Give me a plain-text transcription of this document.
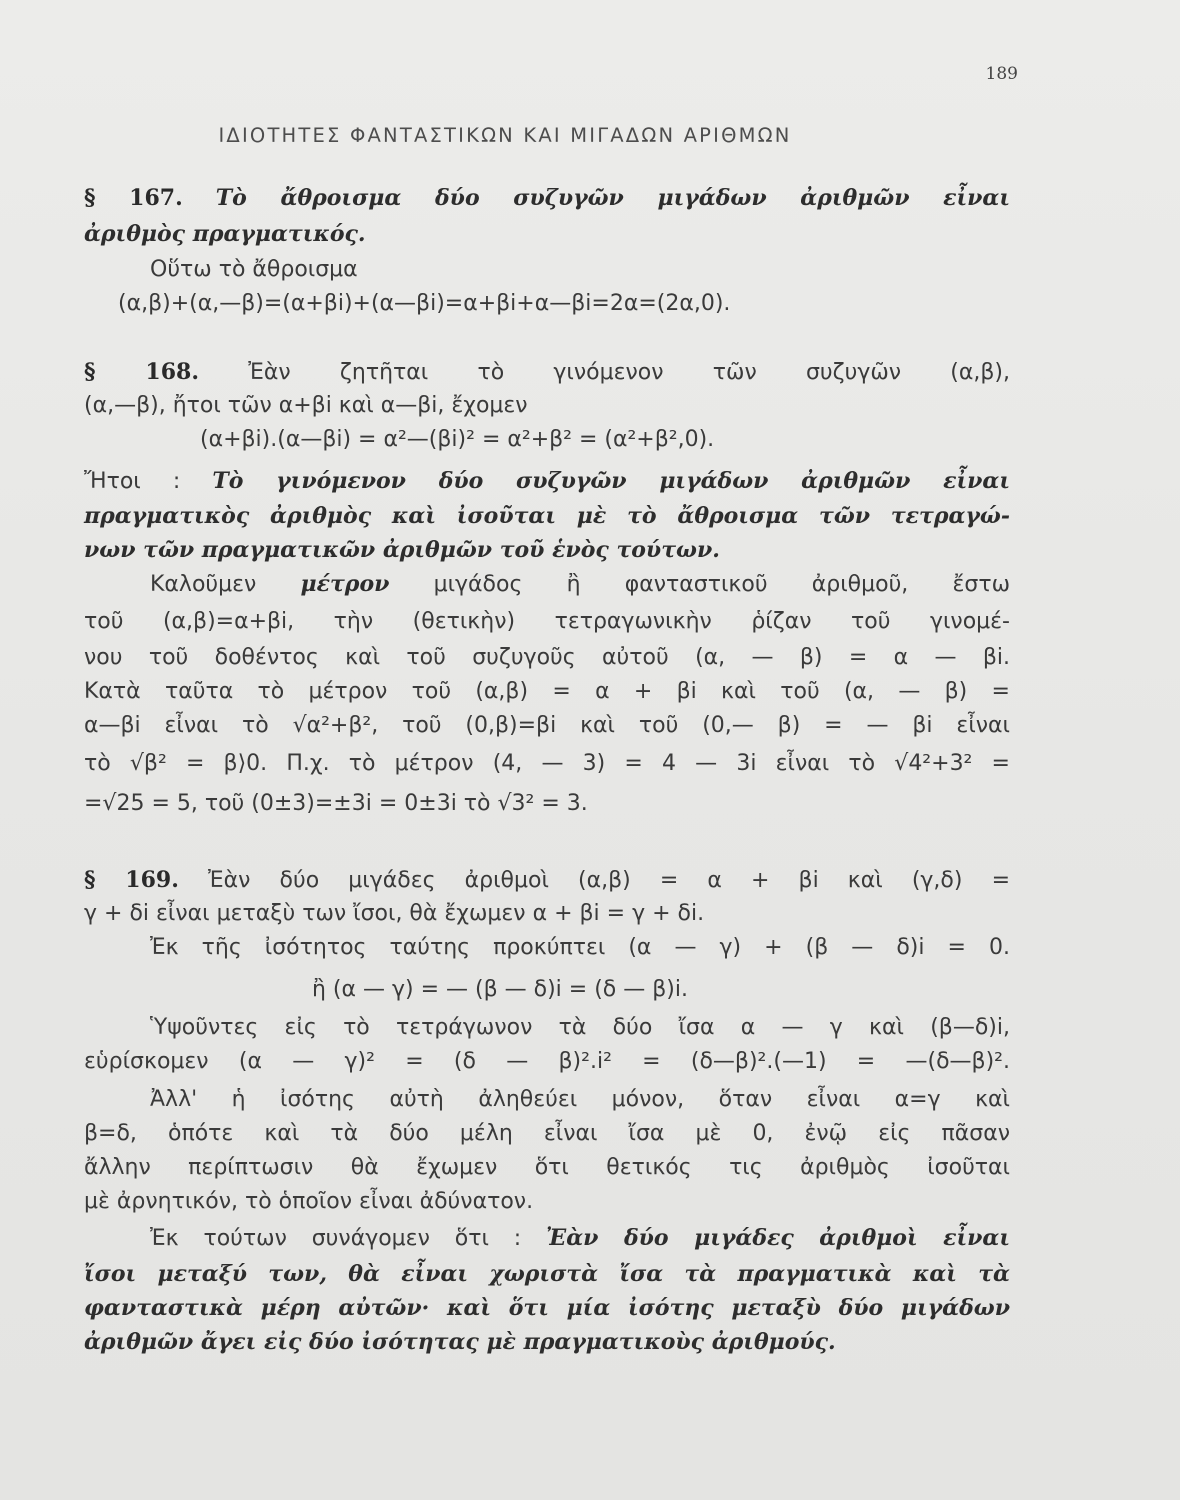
189
ΙΔΙΟΤΗΤΕΣ ΦΑΝΤΑΣΤΙΚΩΝ ΚΑΙ ΜΙΓΑΔΩΝ ΑΡΙΘΜΩΝ
§ 167. Τὸ ἄθροισμα δύο συζυγῶν μιγάδων ἀριθμῶν εἶναι
ἀριθμὸς πραγματικός.
Οὕτω τὸ ἄθροισμα
(α,β)+(α,—β)=(α+βi)+(α—βi)=α+βi+α—βi=2α=(2α,0).
§ 168. Ἐὰν ζητῆται τὸ γινόμενον τῶν συζυγῶν (α,β),
(α,—β), ἤτοι τῶν α+βi καὶ α—βi, ἔχομεν
(α+βi).(α—βi) = α²—(βi)² = α²+β² = (α²+β²,0).
Ἤτοι : Τὸ γινόμενον δύο συζυγῶν μιγάδων ἀριθμῶν εἶναι
πραγματικὸς ἀριθμὸς καὶ ἰσοῦται μὲ τὸ ἄθροισμα τῶν τετραγώ-
νων τῶν πραγματικῶν ἀριθμῶν τοῦ ἑνὸς τούτων.
Καλοῦμεν μέτρον μιγάδος ἢ φανταστικοῦ ἀριθμοῦ, ἔστω
τοῦ (α,β)=α+βi, τὴν (θετικὴν) τετραγωνικὴν ῥίζαν τοῦ γινομέ-
νου τοῦ δοθέντος καὶ τοῦ συζυγοῦς αὐτοῦ (α, — β) = α — βi.
Κατὰ ταῦτα τὸ μέτρον τοῦ (α,β) = α + βi καὶ τοῦ (α, — β) =
α—βi εἶναι τὸ √α²+β², τοῦ (0,β)=βi καὶ τοῦ (0,— β) = — βi εἶναι
τὸ √β² = β⟩0. Π.χ. τὸ μέτρον (4, — 3) = 4 — 3i εἶναι τὸ √4²+3² =
=√25 = 5, τοῦ (0±3)=±3i = 0±3i τὸ √3² = 3.
§ 169. Ἐὰν δύο μιγάδες ἀριθμοὶ (α,β) = α + βi καὶ (γ,δ) =
γ + δi εἶναι μεταξὺ των ἴσοι, θὰ ἔχωμεν α + βi = γ + δi.
Ἐκ τῆς ἰσότητος ταύτης προκύπτει (α — γ) + (β — δ)i = 0.
ἢ (α — γ) = — (β — δ)i = (δ — β)i.
Ὑψοῦντες εἰς τὸ τετράγωνον τὰ δύο ἴσα α — γ καὶ (β—δ)i,
εὑρίσκομεν (α — γ)² = (δ — β)².i² = (δ—β)².(—1) = —(δ—β)².
Ἀλλ' ἡ ἰσότης αὐτὴ ἀληθεύει μόνον, ὅταν εἶναι α=γ καὶ
β=δ, ὁπότε καὶ τὰ δύο μέλη εἶναι ἴσα μὲ 0, ἐνῷ εἰς πᾶσαν
ἄλλην περίπτωσιν θὰ ἔχωμεν ὅτι θετικός τις ἀριθμὸς ἰσοῦται
μὲ ἀρνητικόν, τὸ ὁποῖον εἶναι ἀδύνατον.
Ἐκ τούτων συνάγομεν ὅτι : Ἐὰν δύο μιγάδες ἀριθμοὶ εἶναι
ἴσοι μεταξύ των, θὰ εἶναι χωριστὰ ἴσα τὰ πραγματικὰ καὶ τὰ
φανταστικὰ μέρη αὐτῶν· καὶ ὅτι μία ἰσότης μεταξὺ δύο μιγάδων
ἀριθμῶν ἄγει εἰς δύο ἰσότητας μὲ πραγματικοὺς ἀριθμούς.
